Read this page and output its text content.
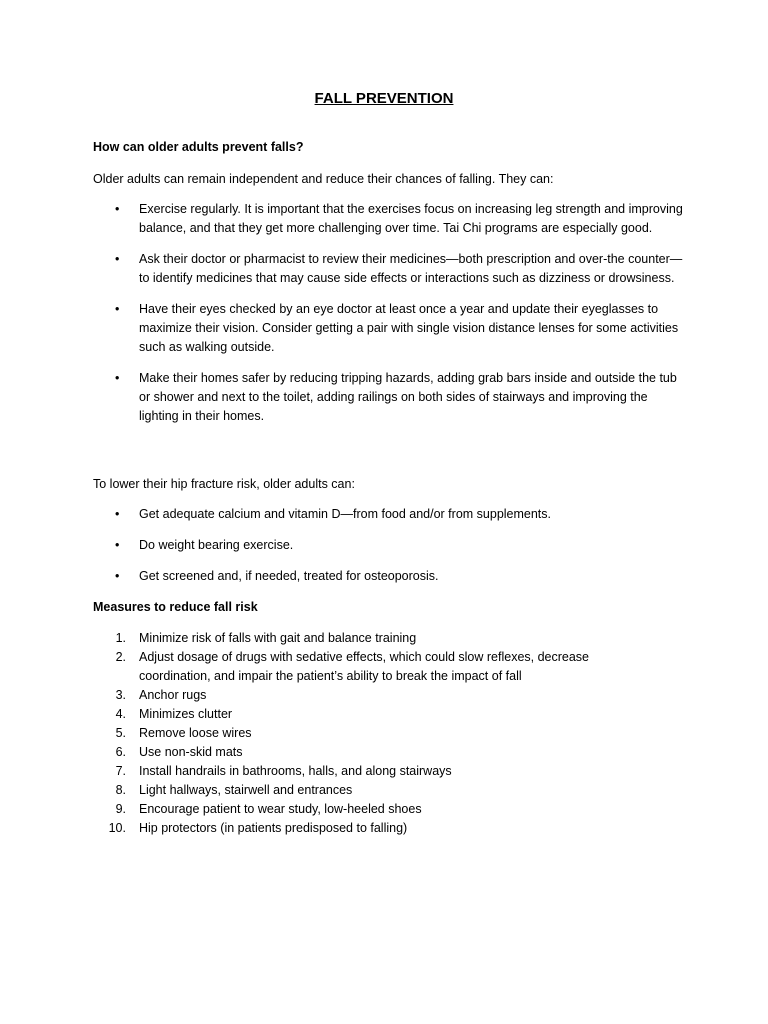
FALL PREVENTION

How can older adults prevent falls?

Older adults can remain independent and reduce their chances of falling. They can:

• Exercise regularly. It is important that the exercises focus on increasing leg strength and improving balance, and that they get more challenging over time. Tai Chi programs are especially good.
• Ask their doctor or pharmacist to review their medicines—both prescription and over-the counter—to identify medicines that may cause side effects or interactions such as dizziness or drowsiness.
• Have their eyes checked by an eye doctor at least once a year and update their eyeglasses to maximize their vision. Consider getting a pair with single vision distance lenses for some activities such as walking outside.
• Make their homes safer by reducing tripping hazards, adding grab bars inside and outside the tub or shower and next to the toilet, adding railings on both sides of stairways and improving the lighting in their homes.

To lower their hip fracture risk, older adults can:

• Get adequate calcium and vitamin D—from food and/or from supplements.
• Do weight bearing exercise.
• Get screened and, if needed, treated for osteoporosis.

Measures to reduce fall risk

1. Minimize risk of falls with gait and balance training
2. Adjust dosage of drugs with sedative effects, which could slow reflexes, decrease coordination, and impair the patient’s ability to break the impact of fall
3. Anchor rugs
4. Minimizes clutter
5. Remove loose wires
6. Use non-skid mats
7. Install handrails in bathrooms, halls, and along stairways
8. Light hallways, stairwell and entrances
9. Encourage patient to wear study, low-heeled shoes
10. Hip protectors (in patients predisposed to falling)
